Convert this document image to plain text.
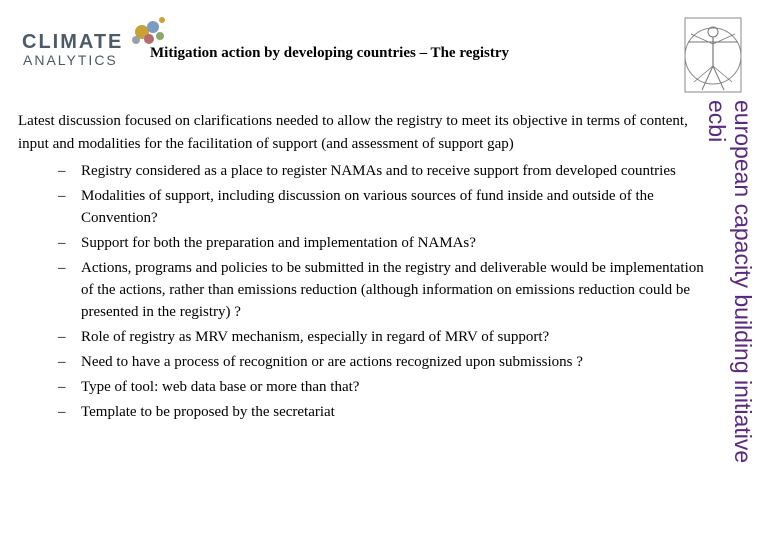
CLIMATE
ANALYTICS Mitigation action by developing countries – The registry
european capacity building initiative
ecbi

Latest discussion focused on clarifications needed to allow the registry to meet its objective in terms of content, input and modalities for the facilitation of support (and assessment of support gap)

– Registry considered as a place to register NAMAs and to receive support from developed countries
– Modalities of support, including discussion on various sources of fund inside and outside of the Convention?
– Support for both the preparation and implementation of NAMAs?
– Actions, programs and policies to be submitted in the registry and deliverable would be implementation of the actions, rather than emissions reduction (although information on emissions reduction could be presented in the registry) ?
– Role of registry as MRV mechanism, especially in regard of MRV of support?
– Need to have a process of recognition or are actions recognized upon submissions ?
– Type of tool: web data base or more than that?
– Template to be proposed by the secretariat
